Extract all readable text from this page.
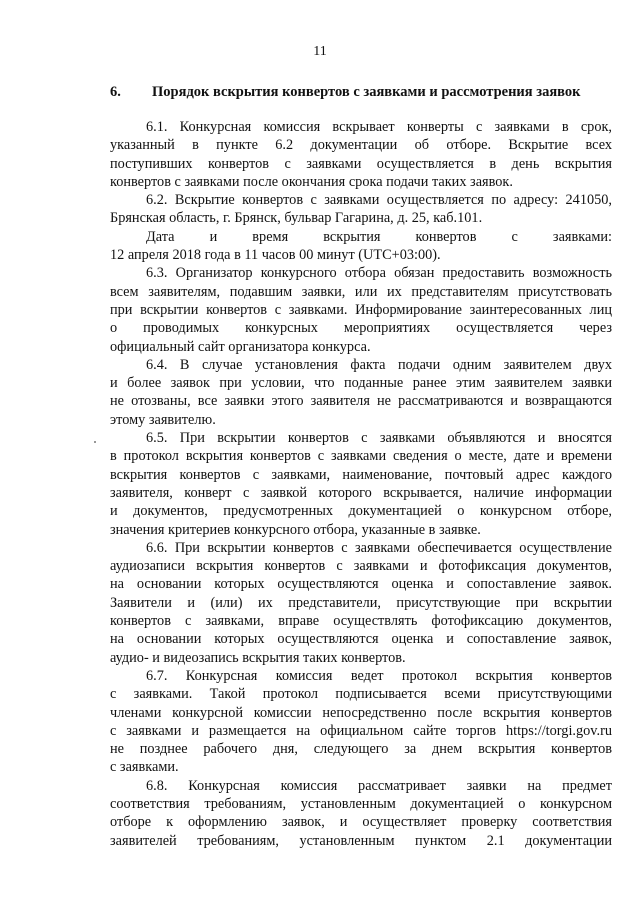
11
6. Порядок вскрытия конвертов с заявками и рассмотрения заявок
6.1. Конкурсная комиссия вскрывает конверты с заявками в срок,
указанный в пункте 6.2 документации об отборе. Вскрытие всех
поступивших конвертов с заявками осуществляется в день вскрытия
конвертов с заявками после окончания срока подачи таких заявок.
6.2. Вскрытие конвертов с заявками осуществляется по адресу: 241050,
Брянская область, г. Брянск, бульвар Гагарина, д. 25, каб.101.
Дата и время вскрытия конвертов с заявками:
12 апреля 2018 года в 11 часов 00 минут (UTC+03:00).
6.3. Организатор конкурсного отбора обязан предоставить возможность
всем заявителям, подавшим заявки, или их представителям присутствовать
при вскрытии конвертов с заявками. Информирование заинтересованных лиц
о проводимых конкурсных мероприятиях осуществляется через
официальный сайт организатора конкурса.
6.4. В случае установления факта подачи одним заявителем двух
и более заявок при условии, что поданные ранее этим заявителем заявки
не отозваны, все заявки этого заявителя не рассматриваются и возвращаются
этому заявителю.
6.5. При вскрытии конвертов с заявками объявляются и вносятся
в протокол вскрытия конвертов с заявками сведения о месте, дате и времени
вскрытия конвертов с заявками, наименование, почтовый адрес каждого
заявителя, конверт с заявкой которого вскрывается, наличие информации
и документов, предусмотренных документацией о конкурсном отборе,
значения критериев конкурсного отбора, указанные в заявке.
6.6. При вскрытии конвертов с заявками обеспечивается осуществление
аудиозаписи вскрытия конвертов с заявками и фотофиксация документов,
на основании которых осуществляются оценка и сопоставление заявок.
Заявители и (или) их представители, присутствующие при вскрытии
конвертов с заявками, вправе осуществлять фотофиксацию документов,
на основании которых осуществляются оценка и сопоставление заявок,
аудио- и видеозапись вскрытия таких конвертов.
6.7. Конкурсная комиссия ведет протокол вскрытия конвертов
с заявками. Такой протокол подписывается всеми присутствующими
членами конкурсной комиссии непосредственно после вскрытия конвертов
с заявками и размещается на официальном сайте торгов https://torgi.gov.ru
не позднее рабочего дня, следующего за днем вскрытия конвертов
с заявками.
6.8. Конкурсная комиссия рассматривает заявки на предмет
соответствия требованиям, установленным документацией о конкурсном
отборе к оформлению заявок, и осуществляет проверку соответствия
заявителей требованиям, установленным пунктом 2.1 документации
